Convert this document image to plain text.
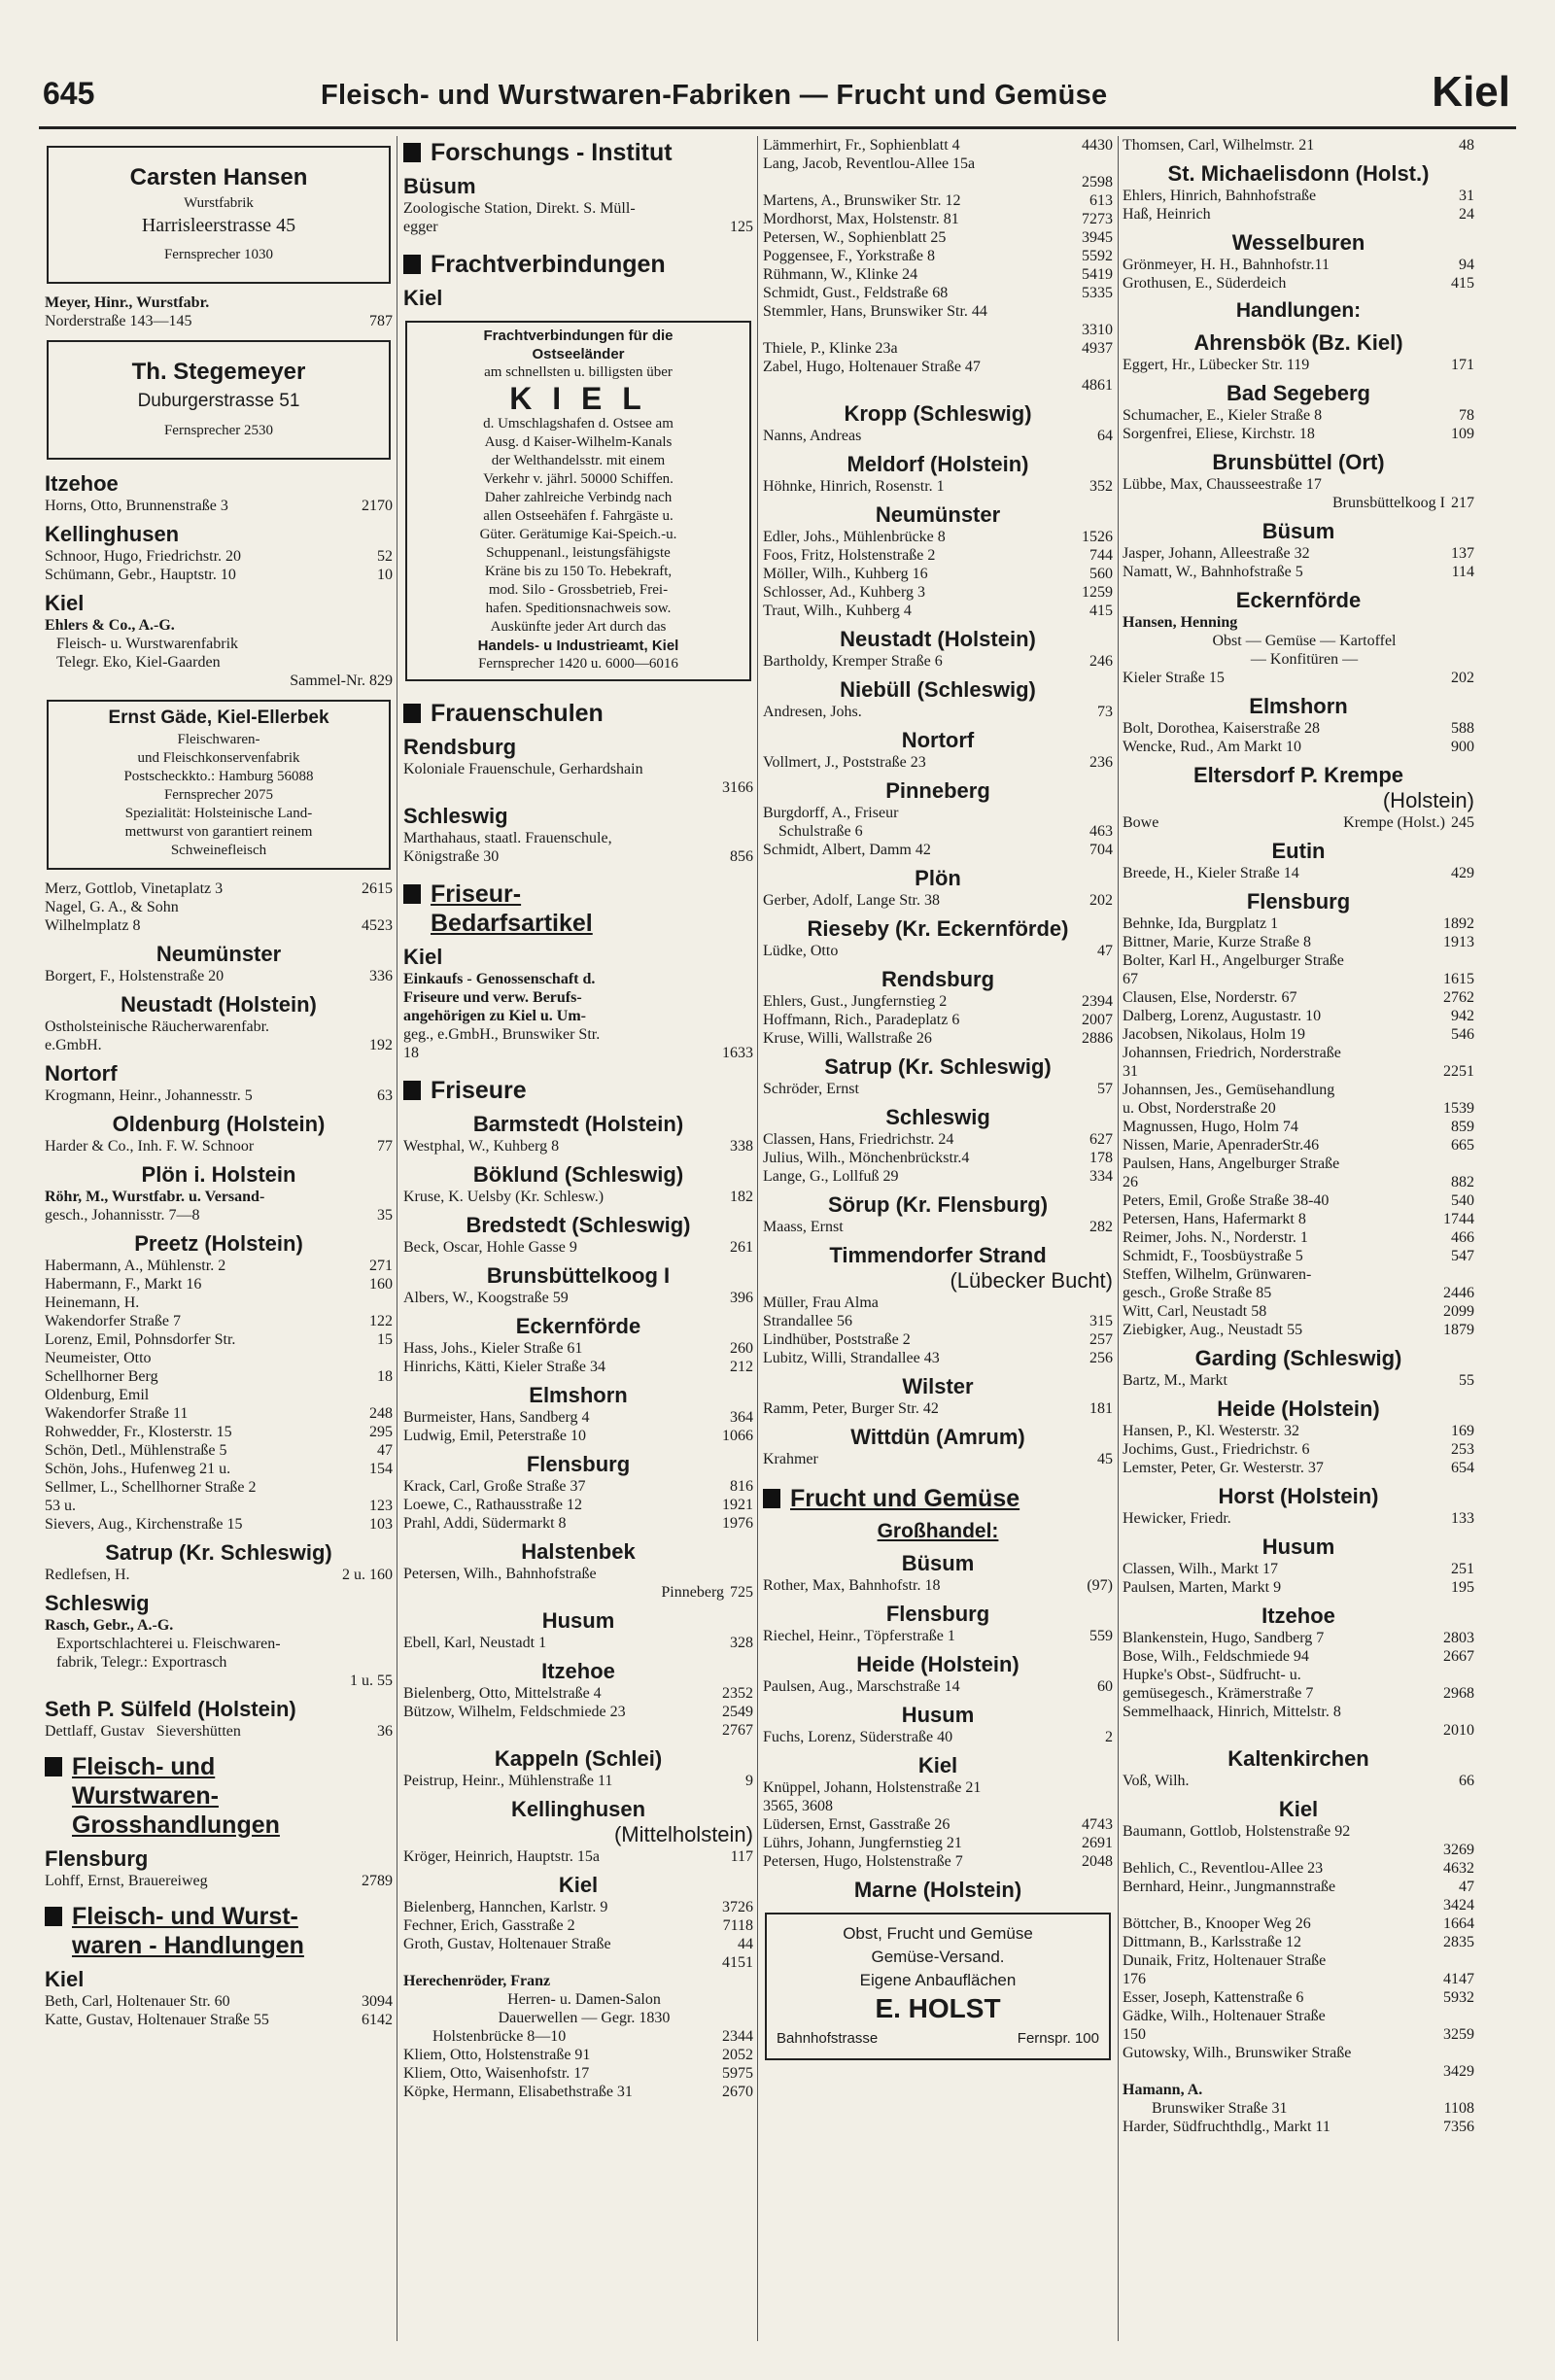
645	Fleisch- und Wurstwaren-Fabriken — Frucht und Gemüse	Kiel
Carsten Hansen
Wurstfabrik
Harrisleerstrasse 45
Fernsprecher 1030
Meyer, Hinr., Wurstfabr.
Norderstraße 143—145	787
Th. Stegemeyer
Duburgerstrasse 51
Fernsprecher 2530
Itzehoe
Horns, Otto, Brunnenstraße 3	2170
Kellinghusen
Schnoor, Hugo, Friedrichstr. 20	52
Schümann, Gebr., Hauptstr. 10	10
Kiel
Ehlers & Co., A.-G.
Fleisch- u. Wurstwarenfabrik
Telegr. Eko, Kiel-Gaarden
Sammel-Nr. 829
Ernst Gäde, Kiel-Ellerbek
Fleischwaren-
und Fleischkonservenfabrik
Postscheckkto.: Hamburg 56088
Fernsprecher 2075
Spezialität: Holsteinische Land-
mettwurst von garantiert reinem
Schweinefleisch
Merz, Gottlob, Vinetaplatz 3	2615
Nagel, G. A., & Sohn
Wilhelmplatz 8	4523
Neumünster
Borgert, F., Holstenstraße 20	336
Neustadt (Holstein)
Ostholsteinische Räucherwarenfabr.
e.GmbH.	192
Nortorf
Krogmann, Heinr., Johannesstr. 5	63
Oldenburg (Holstein)
Harder & Co., Inh. F. W. Schnoor	77
Plön i. Holstein
Röhr, M., Wurstfabr. u. Versand-
gesch., Johannisstr. 7—8	35
Preetz (Holstein)
Habermann, A., Mühlenstr. 2	271
Habermann, F., Markt 16	160
Heinemann, H.
Wakendorfer Straße 7	122
Lorenz, Emil, Pohnsdorfer Str.	15
Neumeister, Otto
Schellhorner Berg	18
Oldenburg, Emil
Wakendorfer Straße 11	248
Rohwedder, Fr., Klosterstr. 15	295
Schön, Detl., Mühlenstraße 5	47
Schön, Johs., Hufenweg 21 u.	154
Sellmer, L., Schellhorner Straße 2
53 u.	123
Sievers, Aug., Kirchenstraße 15	103
Satrup (Kr. Schleswig)
Redlefsen, H.	2 u. 160
Schleswig
Rasch, Gebr., A.-G.
Exportschlachterei u. Fleischwaren-
fabrik, Telegr.: Exportrasch
1 u. 55
Seth P. Sülfeld (Holstein)
Dettlaff, Gustav Sievershütten	36
Fleisch- und
Wurstwaren-
Grosshandlungen
Flensburg
Lohff, Ernst, Brauereiweg	2789
Fleisch- und Wurst-
waren - Handlungen
Kiel
Beth, Carl, Holtenauer Str. 60	3094
Katte, Gustav, Holtenauer Straße 55	6142
Forschungs - Institut
Büsum
Zoologische Station, Direkt. S. Müll-
egger	125
Frachtverbindungen
Kiel
Frachtverbindungen für die
Ostseeländer
am schnellsten u. billigsten über
K I E L
d. Umschlagshafen d. Ostsee am
Ausg. d Kaiser-Wilhelm-Kanals
der Welthandelsstr. mit einem
Verkehr v. jährl. 50000 Schiffen.
Daher zahlreiche Verbindg nach
allen Ostseehäfen f. Fahrgäste u.
Güter. Gerätumige Kai-Speich.-u.
Schuppenanl., leistungsfähigste
Kräne bis zu 150 To. Hebekraft,
mod. Silo - Grossbetrieb, Frei-
hafen. Speditionsnachweis sow.
Auskünfte jeder Art durch das
Handels- u Industrieamt, Kiel
Fernsprecher 1420 u. 6000—6016
Frauenschulen
Rendsburg
Koloniale Frauenschule, Gerhardshain
3166
Schleswig
Marthahaus, staatl. Frauenschule,
Königstraße 30	856
Friseur-
Bedarfsartikel
Kiel
Einkaufs - Genossenschaft d.
Friseure und verw. Berufs-
angehörigen zu Kiel u. Um-
geg., e.GmbH., Brunswiker Str.
18	1633
Friseure
Barmstedt (Holstein)
Westphal, W., Kuhberg 8	338
Böklund (Schleswig)
Kruse, K. Uelsby (Kr. Schlesw.)	182
Bredstedt (Schleswig)
Beck, Oscar, Hohle Gasse 9	261
Brunsbüttelkoog I
Albers, W., Koogstraße 59	396
Eckernförde
Hass, Johs., Kieler Straße 61	260
Hinrichs, Kätti, Kieler Straße 34	212
Elmshorn
Burmeister, Hans, Sandberg 4	364
Ludwig, Emil, Peterstraße 10	1066
Flensburg
Krack, Carl, Große Straße 37	816
Loewe, C., Rathausstraße 12	1921
Prahl, Addi, Südermarkt 8	1976
Halstenbek
Petersen, Wilh., Bahnhofstraße
Pinneberg 725
Husum
Ebell, Karl, Neustadt 1	328
Itzehoe
Bielenberg, Otto, Mittelstraße 4	2352
Bützow, Wilhelm, Feldschmiede 23	2549
2767
Kappeln (Schlei)
Peistrup, Heinr., Mühlenstraße 11	9
Kellinghusen
(Mittelholstein)
Kröger, Heinrich, Hauptstr. 15a	117
Kiel
Bielenberg, Hannchen, Karlstr. 9	3726
Fechner, Erich, Gasstraße 2	7118
Groth, Gustav, Holtenauer Straße	44
4151
Herechenröder, Franz
Herren- u. Damen-Salon
Dauerwellen — Gegr. 1830
Holstenbrücke 8—10	2344
Kliem, Otto, Holstenstraße 91	2052
Kliem, Otto, Waisenhofstr. 17	5975
Köpke, Hermann, Elisabethstraße 31	2670
Lämmerhirt, Fr., Sophienblatt 4	4430
Lang, Jacob, Reventlou-Allee 15a
2598
Martens, A., Brunswiker Str. 12	613
Mordhorst, Max, Holstenstr. 81	7273
Petersen, W., Sophienblatt 25	3945
Poggensee, F., Yorkstraße 8	5592
Rühmann, W., Klinke 24	5419
Schmidt, Gust., Feldstraße 68	5335
Stemmler, Hans, Brunswiker Str. 44
3310
Thiele, P., Klinke 23a	4937
Zabel, Hugo, Holtenauer Straße 47
4861
Kropp (Schleswig)
Nanns, Andreas	64
Meldorf (Holstein)
Höhnke, Hinrich, Rosenstr. 1	352
Neumünster
Edler, Johs., Mühlenbrücke 8	1526
Foos, Fritz, Holstenstraße 2	744
Möller, Wilh., Kuhberg 16	560
Schlosser, Ad., Kuhberg 3	1259
Traut, Wilh., Kuhberg 4	415
Neustadt (Holstein)
Bartholdy, Kremper Straße 6	246
Niebüll (Schleswig)
Andresen, Johs.	73
Nortorf
Vollmert, J., Poststraße 23	236
Pinneberg
Burgdorff, A., Friseur
Schulstraße 6	463
Schmidt, Albert, Damm 42	704
Plön
Gerber, Adolf, Lange Str. 38	202
Rieseby (Kr. Eckernförde)
Lüdke, Otto	47
Rendsburg
Ehlers, Gust., Jungfernstieg 2	2394
Hoffmann, Rich., Paradeplatz 6	2007
Kruse, Willi, Wallstraße 26	2886
Satrup (Kr. Schleswig)
Schröder, Ernst	57
Schleswig
Classen, Hans, Friedrichstr. 24	627
Julius, Wilh., Mönchenbrückstr.4	178
Lange, G., Lollfuß 29	334
Sörup (Kr. Flensburg)
Maass, Ernst	282
Timmendorfer Strand
(Lübecker Bucht)
Müller, Frau Alma
Strandallee 56	315
Lindhüber, Poststraße 2	257
Lubitz, Willi, Strandallee 43	256
Wilster
Ramm, Peter, Burger Str. 42	181
Wittdün (Amrum)
Krahmer	45
Frucht und Gemüse
Großhandel:
Büsum
Rother, Max, Bahnhofstr. 18	(97)
Flensburg
Riechel, Heinr., Töpferstraße 1	559
Heide (Holstein)
Paulsen, Aug., Marschstraße 14	60
Husum
Fuchs, Lorenz, Süderstraße 40	2
Kiel
Knüppel, Johann, Holstenstraße 21
3565, 3608
Lüdersen, Ernst, Gasstraße 26	4743
Lührs, Johann, Jungfernstieg 21	2691
Petersen, Hugo, Holstenstraße 7	2048
Marne (Holstein)
Obst, Frucht und Gemüse
Gemüse-Versand.
Eigene Anbauflächen
E. HOLST
Bahnhofstrasse	Fernspr. 100
Thomsen, Carl, Wilhelmstr. 21	48
St. Michaelisdonn (Holst.)
Ehlers, Hinrich, Bahnhofstraße	31
Haß, Heinrich	24
Wesselburen
Grönmeyer, H. H., Bahnhofstr.11	94
Grothusen, E., Süderdeich	415
Handlungen:
Ahrensbök (Bz. Kiel)
Eggert, Hr., Lübecker Str. 119	171
Bad Segeberg
Schumacher, E., Kieler Straße 8	78
Sorgenfrei, Eliese, Kirchstr. 18	109
Brunsbüttel (Ort)
Lübbe, Max, Chausseestraße 17
Brunsbüttelkoog I 217
Büsum
Jasper, Johann, Alleestraße 32	137
Namatt, W., Bahnhofstraße 5	114
Eckernförde
Hansen, Henning
Obst — Gemüse — Kartoffel
— Konfitüren —
Kieler Straße 15	202
Elmshorn
Bolt, Dorothea, Kaiserstraße 28	588
Wencke, Rud., Am Markt 10	900
Eltersdorf P. Krempe
(Holstein)
Bowe	Krempe (Holst.) 245
Eutin
Breede, H., Kieler Straße 14	429
Flensburg
Behnke, Ida, Burgplatz 1	1892
Bittner, Marie, Kurze Straße 8	1913
Bolter, Karl H., Angelburger Straße
67	1615
Clausen, Else, Norderstr. 67	2762
Dalberg, Lorenz, Augustastr. 10	942
Jacobsen, Nikolaus, Holm 19	546
Johannsen, Friedrich, Norderstraße
31	2251
Johannsen, Jes., Gemüsehandlung
u. Obst, Norderstraße 20	1539
Magnussen, Hugo, Holm 74	859
Nissen, Marie, ApenraderStr.46	665
Paulsen, Hans, Angelburger Straße
26	882
Peters, Emil, Große Straße 38-40	540
Petersen, Hans, Hafermarkt 8	1744
Reimer, Johs. N., Norderstr. 1	466
Schmidt, F., Toosbüystraße 5	547
Steffen, Wilhelm, Grünwaren-
gesch., Große Straße 85	2446
Witt, Carl, Neustadt 58	2099
Ziebigker, Aug., Neustadt 55	1879
Garding (Schleswig)
Bartz, M., Markt	55
Heide (Holstein)
Hansen, P., Kl. Westerstr. 32	169
Jochims, Gust., Friedrichstr. 6	253
Lemster, Peter, Gr. Westerstr. 37	654
Horst (Holstein)
Hewicker, Friedr.	133
Husum
Classen, Wilh., Markt 17	251
Paulsen, Marten, Markt 9	195
Itzehoe
Blankenstein, Hugo, Sandberg 7	2803
Bose, Wilh., Feldschmiede 94	2667
Hupke's Obst-, Südfrucht- u.
gemüsegesch., Krämerstraße 7	2968
Semmelhaack, Hinrich, Mittelstr. 8
2010
Kaltenkirchen
Voß, Wilh.	66
Kiel
Baumann, Gottlob, Holstenstraße 92
3269
Behlich, C., Reventlou-Allee 23	4632
Bernhard, Heinr., Jungmannstraße	47
3424
Böttcher, B., Knooper Weg 26	1664
Dittmann, B., Karlsstraße 12	2835
Dunaik, Fritz, Holtenauer Straße
176	4147
Esser, Joseph, Kattenstraße 6	5932
Gädke, Wilh., Holtenauer Straße
150	3259
Gutowsky, Wilh., Brunswiker Straße
3429
Hamann, A.
Brunswiker Straße 31	1108
Harder, Südfruchthdlg., Markt 11	7356
